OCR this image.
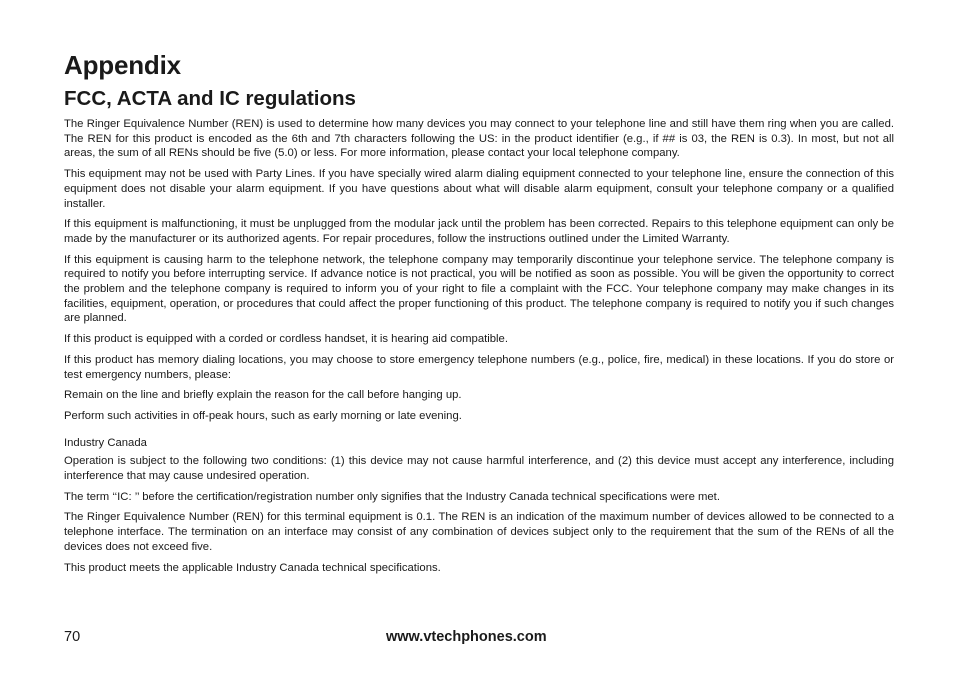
Appendix
FCC, ACTA and IC regulations

The Ringer Equivalence Number (REN) is used to determine how many devices you may connect to your telephone line and still have them ring when you are called. The REN for this product is encoded as the 6th and 7th characters following the US: in the product identifier (e.g., if ## is 03, the REN is 0.3). In most, but not all areas, the sum of all RENs should be five (5.0) or less. For more information, please contact your local telephone company.

This equipment may not be used with Party Lines. If you have specially wired alarm dialing equipment connected to your telephone line, ensure the connection of this equipment does not disable your alarm equipment. If you have questions about what will disable alarm equipment, consult your telephone company or a qualified installer.

If this equipment is malfunctioning, it must be unplugged from the modular jack until the problem has been corrected. Repairs to this telephone equipment can only be made by the manufacturer or its authorized agents. For repair procedures, follow the instructions outlined under the Limited Warranty.

If this equipment is causing harm to the telephone network, the telephone company may temporarily discontinue your telephone service. The telephone company is required to notify you before interrupting service. If advance notice is not practical, you will be notified as soon as possible. You will be given the opportunity to correct the problem and the telephone company is required to inform you of your right to file a complaint with the FCC. Your telephone company may make changes in its facilities, equipment, operation, or procedures that could affect the proper functioning of this product. The telephone company is required to notify you if such changes are planned.

If this product is equipped with a corded or cordless handset, it is hearing aid compatible.

If this product has memory dialing locations, you may choose to store emergency telephone numbers (e.g., police, fire, medical) in these locations. If you do store or test emergency numbers, please:

Remain on the line and briefly explain the reason for the call before hanging up.

Perform such activities in off-peak hours, such as early morning or late evening.

Industry Canada

Operation is subject to the following two conditions: (1) this device may not cause harmful interference, and (2) this device must accept any interference, including interference that may cause undesired operation.

The term ‘‘IC: ’’ before the certification/registration number only signifies that the Industry Canada technical specifications were met.

The Ringer Equivalence Number (REN) for this terminal equipment is 0.1. The REN is an indication of the maximum number of devices allowed to be connected to a telephone interface. The termination on an interface may consist of any combination of devices subject only to the requirement that the sum of the RENs of all the devices does not exceed five.

This product meets the applicable Industry Canada technical specifications.

70	www.vtechphones.com
